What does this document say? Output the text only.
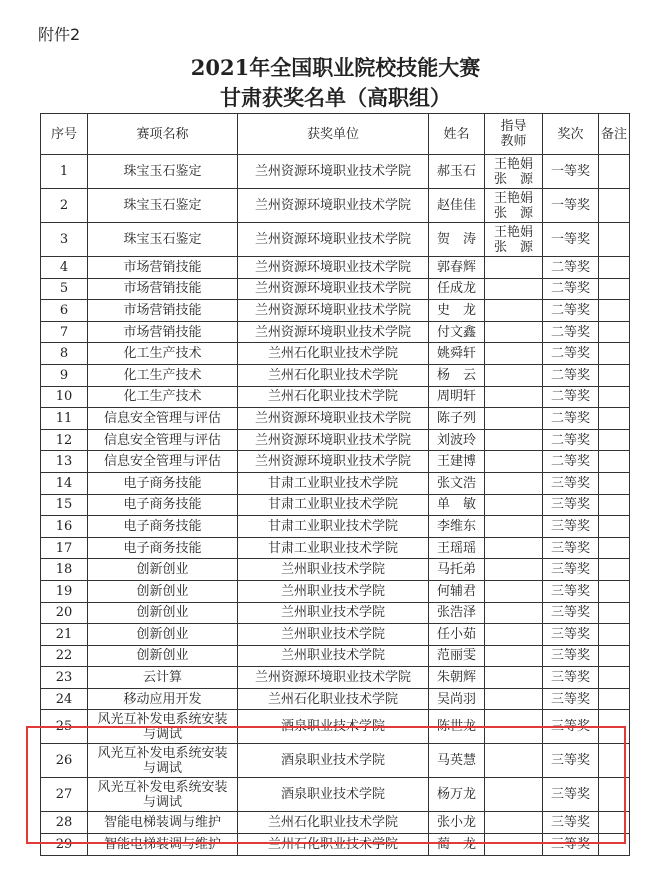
附件2
2021年全国职业院校技能大赛
甘肃获奖名单（高职组）
序号	赛项名称	获奖单位	姓名	指导教师	奖次	备注
1	珠宝玉石鉴定	兰州资源环境职业技术学院	郝玉石	王艳娟 张　源	一等奖	
2	珠宝玉石鉴定	兰州资源环境职业技术学院	赵佳佳	王艳娟 张　源	一等奖	
3	珠宝玉石鉴定	兰州资源环境职业技术学院	贺　涛	王艳娟 张　源	一等奖	
4	市场营销技能	兰州资源环境职业技术学院	郭春辉		二等奖	
5	市场营销技能	兰州资源环境职业技术学院	任成龙		二等奖	
6	市场营销技能	兰州资源环境职业技术学院	史　龙		二等奖	
7	市场营销技能	兰州资源环境职业技术学院	付文鑫		二等奖	
8	化工生产技术	兰州石化职业技术学院	姚舜轩		二等奖	
9	化工生产技术	兰州石化职业技术学院	杨　云		二等奖	
10	化工生产技术	兰州石化职业技术学院	周明轩		二等奖	
11	信息安全管理与评估	兰州资源环境职业技术学院	陈子列		二等奖	
12	信息安全管理与评估	兰州资源环境职业技术学院	刘波玲		二等奖	
13	信息安全管理与评估	兰州资源环境职业技术学院	王建博		二等奖	
14	电子商务技能	甘肃工业职业技术学院	张文浩		三等奖	
15	电子商务技能	甘肃工业职业技术学院	单　敏		三等奖	
16	电子商务技能	甘肃工业职业技术学院	李维东		三等奖	
17	电子商务技能	甘肃工业职业技术学院	王瑶瑶		三等奖	
18	创新创业	兰州职业技术学院	马托弟		三等奖	
19	创新创业	兰州职业技术学院	何辅君		三等奖	
20	创新创业	兰州职业技术学院	张浩泽		三等奖	
21	创新创业	兰州职业技术学院	任小茹		三等奖	
22	创新创业	兰州职业技术学院	范丽雯		三等奖	
23	云计算	兰州资源环境职业技术学院	朱朝辉		三等奖	
24	移动应用开发	兰州石化职业技术学院	吴尚羽		三等奖	
25	风光互补发电系统安装与调试	酒泉职业技术学院	陈世龙		三等奖	
26	风光互补发电系统安装与调试	酒泉职业技术学院	马英慧		三等奖	
27	风光互补发电系统安装与调试	酒泉职业技术学院	杨万龙		三等奖	
28	智能电梯装调与维护	兰州石化职业技术学院	张小龙		三等奖	
29	智能电梯装调与维护	兰州石化职业技术学院	蔺　龙		三等奖	
